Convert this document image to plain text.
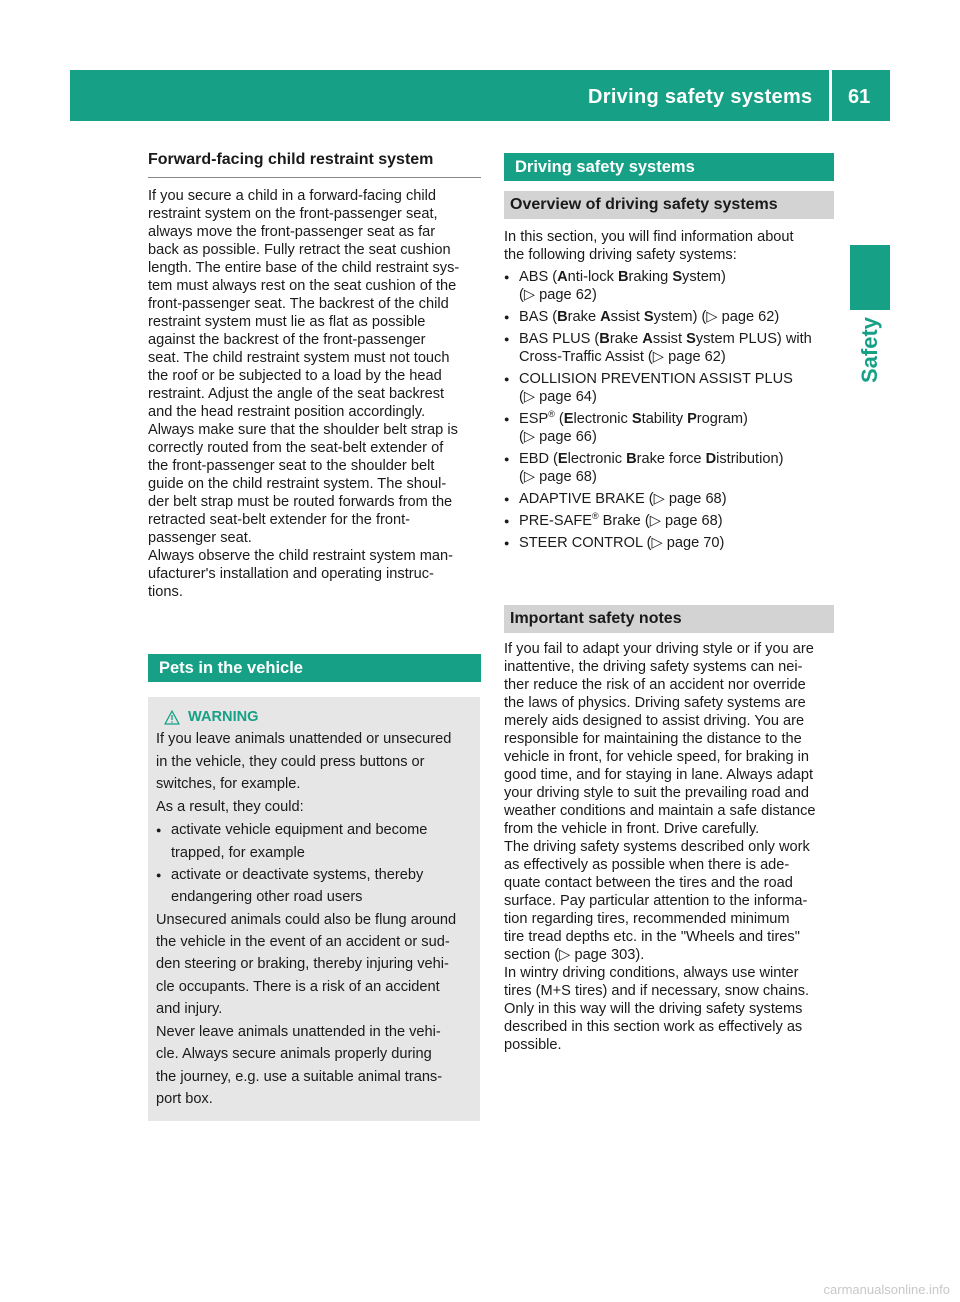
Driving safety systems 61
Safety
Forward-facing child restraint system

If you secure a child in a forward-facing child
restraint system on the front-passenger seat,
always move the front-passenger seat as far
back as possible. Fully retract the seat cushion
length. The entire base of the child restraint sys-
tem must always rest on the seat cushion of the
front-passenger seat. The backrest of the child
restraint system must lie as flat as possible
against the backrest of the front-passenger
seat. The child restraint system must not touch
the roof or be subjected to a load by the head
restraint. Adjust the angle of the seat backrest
and the head restraint position accordingly.
Always make sure that the shoulder belt strap is
correctly routed from the seat-belt extender of
the front-passenger seat to the shoulder belt
guide on the child restraint system. The shoul-
der belt strap must be routed forwards from the
retracted seat-belt extender for the front-
passenger seat.

Always observe the child restraint system man-
ufacturer's installation and operating instruc-
tions.

Pets in the vehicle
WARNING

If you leave animals unattended or unsecured
in the vehicle, they could press buttons or
switches, for example.

As a result, they could:

● activate vehicle equipment and become
trapped, for example
● activate or deactivate systems, thereby
endangering other road users

Unsecured animals could also be flung around
the vehicle in the event of an accident or sud-
den steering or braking, thereby injuring vehi-
cle occupants. There is a risk of an accident
and injury.

Never leave animals unattended in the vehi-
cle. Always secure animals properly during
the journey, e.g. use a suitable animal trans-
port box.

Driving safety systems
Overview of driving safety systems

In this section, you will find information about
the following driving safety systems:

● ABS (Anti-lock Braking System)
(▷ page 62)
● BAS (Brake Assist System) (▷ page 62)
● BAS PLUS (Brake Assist System PLUS) with
Cross-Traffic Assist (▷ page 62)
● COLLISION PREVENTION ASSIST PLUS
(▷ page 64)
● ESP® (Electronic Stability Program)
(▷ page 66)
● EBD (Electronic Brake force Distribution)
(▷ page 68)
● ADAPTIVE BRAKE (▷ page 68)
● PRE-SAFE® Brake (▷ page 68)
● STEER CONTROL (▷ page 70)
Important safety notes

If you fail to adapt your driving style or if you are
inattentive, the driving safety systems can nei-
ther reduce the risk of an accident nor override
the laws of physics. Driving safety systems are
merely aids designed to assist driving. You are
responsible for maintaining the distance to the
vehicle in front, for vehicle speed, for braking in
good time, and for staying in lane. Always adapt
your driving style to suit the prevailing road and
weather conditions and maintain a safe distance
from the vehicle in front. Drive carefully.

The driving safety systems described only work
as effectively as possible when there is ade-
quate contact between the tires and the road
surface. Pay particular attention to the informa-
tion regarding tires, recommended minimum
tire tread depths etc. in the "Wheels and tires"
section (▷ page 303).

In wintry driving conditions, always use winter
tires (M+S tires) and if necessary, snow chains.
Only in this way will the driving safety systems
described in this section work as effectively as
possible.

carmanualsonline.info
